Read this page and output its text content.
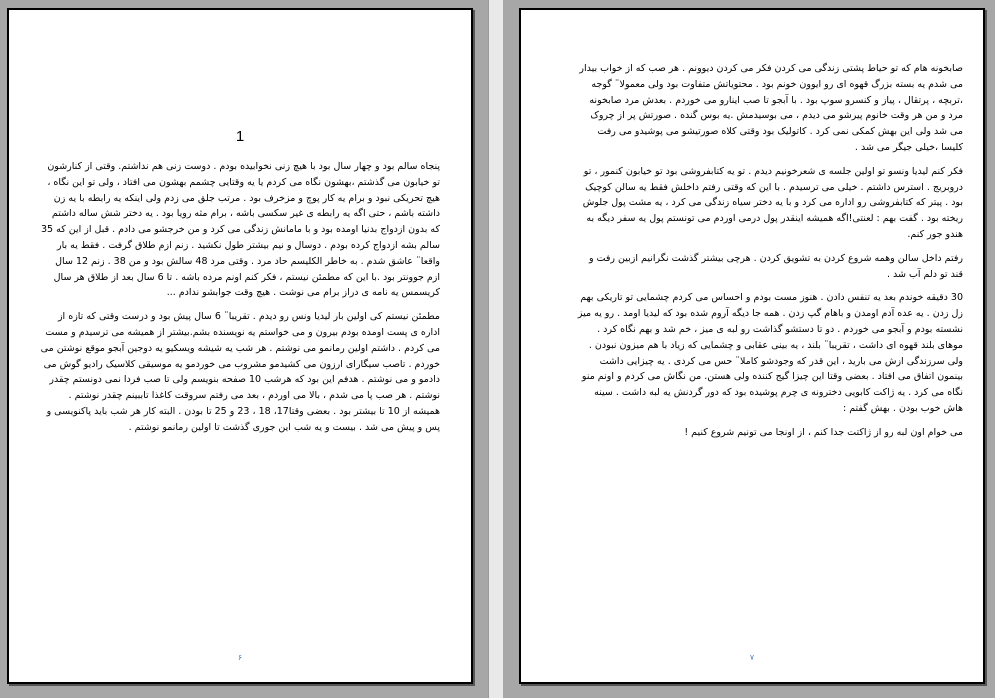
1

پنجاه سالم بود و چهار سال بود با هیچ زنی نخوابیده بودم . دوست زنی هم نداشتم. وقتی از کنارشون تو خیابون می گذشتم ،بهشون نگاه می کردم یا یه وقتایی چشمم بهشون می افتاد ، ولی تو این نگاه ، هیچ تحریکی نبود و برام یه کار پوچ و مزخرف بود . مرتب جلق می زدم ولی اینکه یه رابطه با یه زن داشته باشم ، حتی اگه یه رابطه ی غیر سکسی باشه ، برام مثه رویا بود . یه دختر شش ساله داشتم که بدون ازدواج بدنیا اومده بود و با مامانش زندگی می کرد و من خرجشو می دادم . قبل از این که 35 سالم بشه ازدواج کرده بودم . دوسال و نیم بیشتر طول نکشید . زنم ازم طلاق گرفت . فقط یه بار واقعا¨ عاشق شدم . به خاطر الکلیسم حاد مرد . وقتی مرد 48 سالش بود و من 38 . زنم 12 سال ازم جوونتر بود .با این که مطمئن نیستم ، فکر کنم اونم مرده باشه . تا 6 سال بعد از طلاق هر سال کریسمس یه نامه ی دراز برام می نوشت . هیچ وقت جوابشو ندادم ...

مطمئن نیستم کی اولین بار لیدیا ونس رو دیدم . تقریبا¨ 6 سال پیش بود و درست وقتی که تازه از اداره ی پست اومده بودم بیرون و می خواستم یه نویسنده بشم.بیشتر از همیشه می ترسیدم و مست می کردم . داشتم اولین رمانمو می نوشتم . هر شب یه شیشه ویسکیو یه دوجین آبجو موقع نوشتن می خوردم . تاصب سیگارای ارزون می کشیدمو مشروب می خوردمو یه موسیقی کلاسیک رادیو گوش می دادمو و می نوشتم . هدفم این بود که هرشب 10 صفحه بنویسم ولی تا صب فردا نمی دونستم چقدر نوشتم . هر صب پا می شدم ، بالا می اوردم ، بعد می رفتم سروقت کاغذا تاببینم چقدر نوشتم . همیشه از 10 تا بیشتر بود . بعضی وقتا17، 18 ، 23 و 25 تا بودن . البته کار هر شب باید پاکنویسی و پس و پیش می شد . بیست و یه شب این جوری گذشت تا اولین رمانمو نوشتم .

۶

صابخونه هام که تو حیاط پشتی زندگی می کردن فکر می کردن دیوونم . هر صب که از خواب بیدار می شدم یه بسته بزرگ قهوه ای رو ایوون خونم بود . محتویاتش متفاوت بود ولی معمولا¨ گوجه ،تربچه ، پرتقال ، پیاز و کنسرو سوپ بود . با آبجو تا صب اینارو می خوردم . بعدش مرد صابخونه مرد و من هر وقت خانوم پیرشو می دیدم ، می بوسیدمش .یه بوس گنده . صورتش پر از چروک می شد ولی این بهش کمکی نمی کرد . کاتولیک بود وقتی کلاه صورتیشو می پوشیدو می رفت کلیسا ،خیلی جیگر می شد .

فکر کنم لیدیا ونسو تو اولین جلسه ی شعرخونیم دیدم . تو یه کتابفروشی بود تو خیابون کنمور ، تو دروبریج . استرس داشتم . خیلی می ترسیدم . با این که وقتی رفتم داخلش فقط یه سالن کوچیک بود . پیتر که کتابفروشی رو اداره می کرد و با یه دختر سیاه زندگی می کرد ، یه مشت پول جلوش ریخته بود . گفت بهم : لعنتی!اگه همیشه اینقدر پول درمی اوردم می تونستم پول یه سفر دیگه به هندو جور کنم.

رفتم داخل سالن وهمه شروع کردن به تشویق کردن . هرچی بیشتر گذشت نگرانیم ازبین رفت و قند تو دلم آب شد .

30 دقیقه خوندم بعد یه تنفس دادن . هنوز مست بودم و احساس می کردم چشمایی تو تاریکی بهم زل زدن . یه عده آدم اومدن و باهام گپ زدن . همه جا دیگه آروم شده بود که لیدیا اومد . رو یه میز نشسته بودم و آبجو می خوردم . دو تا دستشو گذاشت رو لبه ی میز ، خم شد و بهم نگاه کرد . موهای بلند قهوه ای داشت ، تقریبا¨ بلند ، یه بینی عقابی و چشمایی که زیاد با هم میزون نبودن . ولی سرزندگی ازش می بارید ، این قدر که وجودشو کاملا¨ حس می کردی . یه چیزایی داشت بینمون اتفاق می افتاد . بعضی وقتا این چیزا گیج کننده ولی هستن. من نگاش می کردم و اونم منو نگاه می کرد . یه ژاکت کابویی دخترونه ی چرم پوشیده بود که دور گردنش یه لبه داشت . سینه هاش خوب بودن . بهش گفتم :

می خوام اون لبه رو از ژاکتت جدا کنم ، از اونجا می تونیم شروع کنیم !

۷
